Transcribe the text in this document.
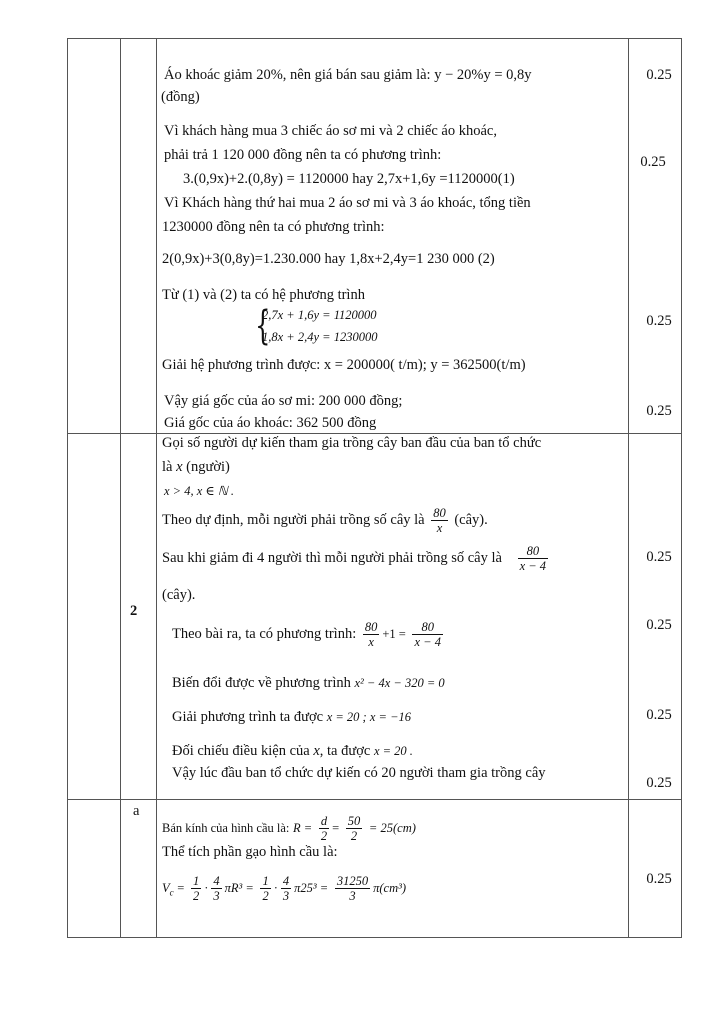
Áo khoác giảm 20%, nên giá bán sau giảm là: y − 20%y = 0,8y
(đồng)
Vì khách hàng mua 3 chiếc áo sơ mi và 2 chiếc áo khoác,
phải trả 1 120 000 đồng nên ta có phương trình:
3.(0,9x)+2.(0,8y) = 1120000 hay 2,7x+1,6y =1120000(1)
Vì Khách hàng thứ hai mua 2 áo sơ mi và 3 áo khoác, tổng tiền
1230000 đồng nên ta có phương trình:
2(0,9x)+3(0,8y)=1.230.000 hay 1,8x+2,4y=1 230 000 (2)
Từ (1) và (2) ta có hệ phương trình
{
2,7x + 1,6y = 1120000
1,8x + 2,4y = 1230000
Giải hệ phương trình được: x = 200000( t/m); y = 362500(t/m)
Vậy giá gốc của áo sơ mi: 200 000 đồng;
Giá gốc của áo khoác: 362 500 đồng
0.25
0.25
0.25
0.25
2
Gọi số người dự kiến tham gia trồng cây ban đầu của ban tổ chức
là x (người)
x > 4, x ∈ ℕ .
Theo dự định, mỗi người phải trồng số cây là $\frac{80}{x}$ (cây).
Sau khi giảm đi 4 người thì mỗi người phải trồng số cây là $\frac{80}{x - 4}$
(cây).
Theo bài ra, ta có phương trình: $\frac{80}{x} +1 = \frac{80}{x - 4}$
Biến đổi được về phương trình x² − 4x − 320 = 0
Giải phương trình ta được x = 20 ; x = −16
Đối chiếu điều kiện của x, ta được x = 20 .
Vậy lúc đầu ban tổ chức dự kiến có 20 người tham gia trồng cây
0.25
0.25
0.25
0.25
a
Bán kính của hình cầu là: $R = \frac{d}{2} = \frac{50}{2} = 25(cm)$
Thể tích phần gạo hình cầu là:
$V_c = \frac{1}{2} \cdot \frac{4}{3} \pi R^3 = \frac{1}{2} \cdot \frac{4}{3} \pi 25^3 = \frac{31250}{3} \pi(cm^3)$
0.25
